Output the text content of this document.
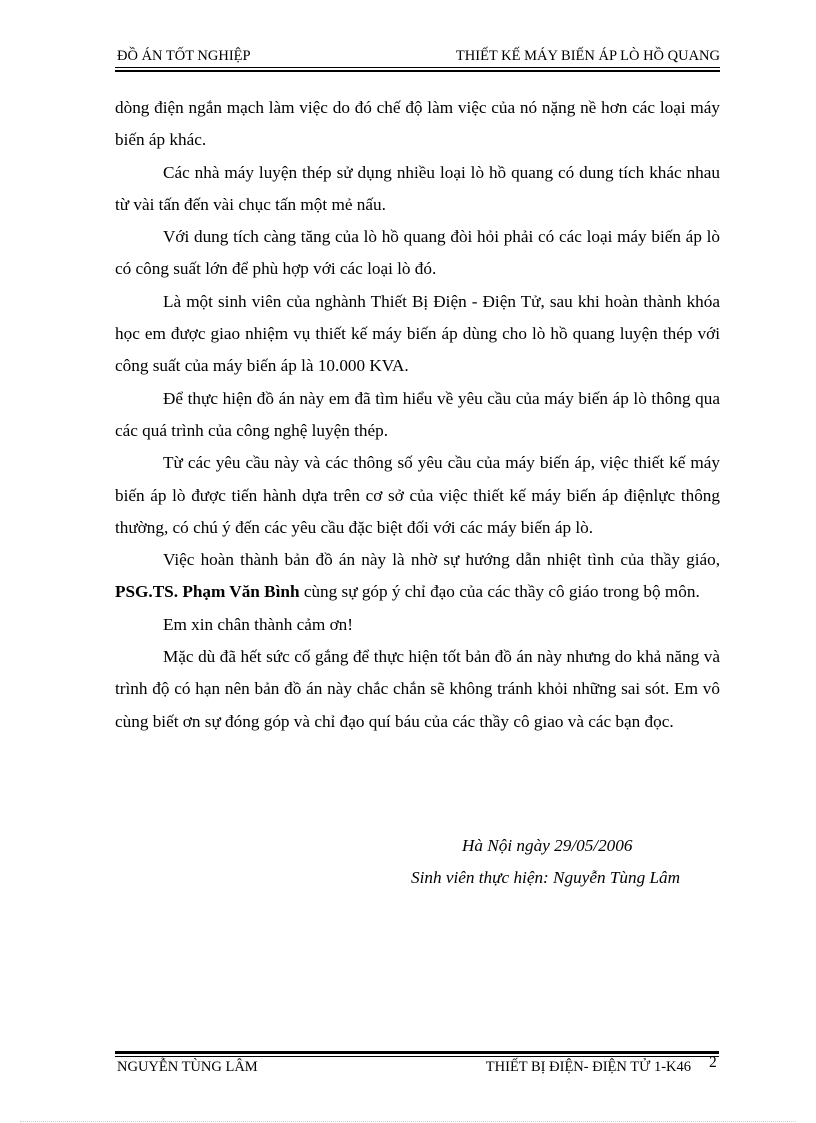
ĐỒ ÁN TỐT NGHIỆP	THIẾT KẾ MÁY BIẾN ÁP LÒ HỒ QUANG

dòng điện ngắn mạch làm việc do đó chế độ làm việc của nó nặng nề hơn các loại máy biến áp khác.

Các nhà máy luyện thép sử dụng nhiều loại lò hồ quang có dung tích khác nhau từ vài tấn đến vài chục tấn một mẻ nấu.

Với dung tích càng tăng của lò hồ quang đòi hỏi phải có các loại máy biến áp lò có công suất lớn để phù hợp với các loại lò đó.

Là một sinh viên của nghành Thiết Bị Điện - Điện Tử, sau khi hoàn thành khóa học em được giao nhiệm vụ thiết kế máy biến áp dùng cho lò hồ quang luyện thép với công suất của máy biến áp là 10.000 KVA.

Để thực hiện đồ án này em đã tìm hiểu về yêu cầu của máy biến áp lò thông qua các quá trình của công nghệ luyện thép.

Từ các yêu cầu này và các thông số yêu cầu của máy biến áp, việc thiết kế máy biến áp lò được tiến hành dựa trên cơ sở của việc thiết kế máy biến áp điệnlực thông thường, có chú ý đến các yêu cầu đặc biệt đối với các máy biến áp lò.

Việc hoàn thành bản đồ án này là nhờ sự hướng dẫn nhiệt tình của thầy giáo, PSG.TS. Phạm Văn Bình cùng sự góp ý chỉ đạo của các thầy cô giáo trong bộ môn.

Em xin chân thành cảm ơn!

Mặc dù đã hết sức cố gắng để thực hiện tốt bản đồ án này nhưng do khả năng và trình độ có hạn nên bản đồ án này chắc chắn sẽ không tránh khỏi những sai sót. Em vô cùng biết ơn sự đóng góp và chỉ đạo quí báu của các thầy cô giao và các bạn đọc.

Hà Nội ngày 29/05/2006
Sinh viên thực hiện: Nguyễn Tùng Lâm
NGUYỄN TÙNG LÂM	THIẾT BỊ ĐIỆN- ĐIỆN TỬ 1-K46 2
